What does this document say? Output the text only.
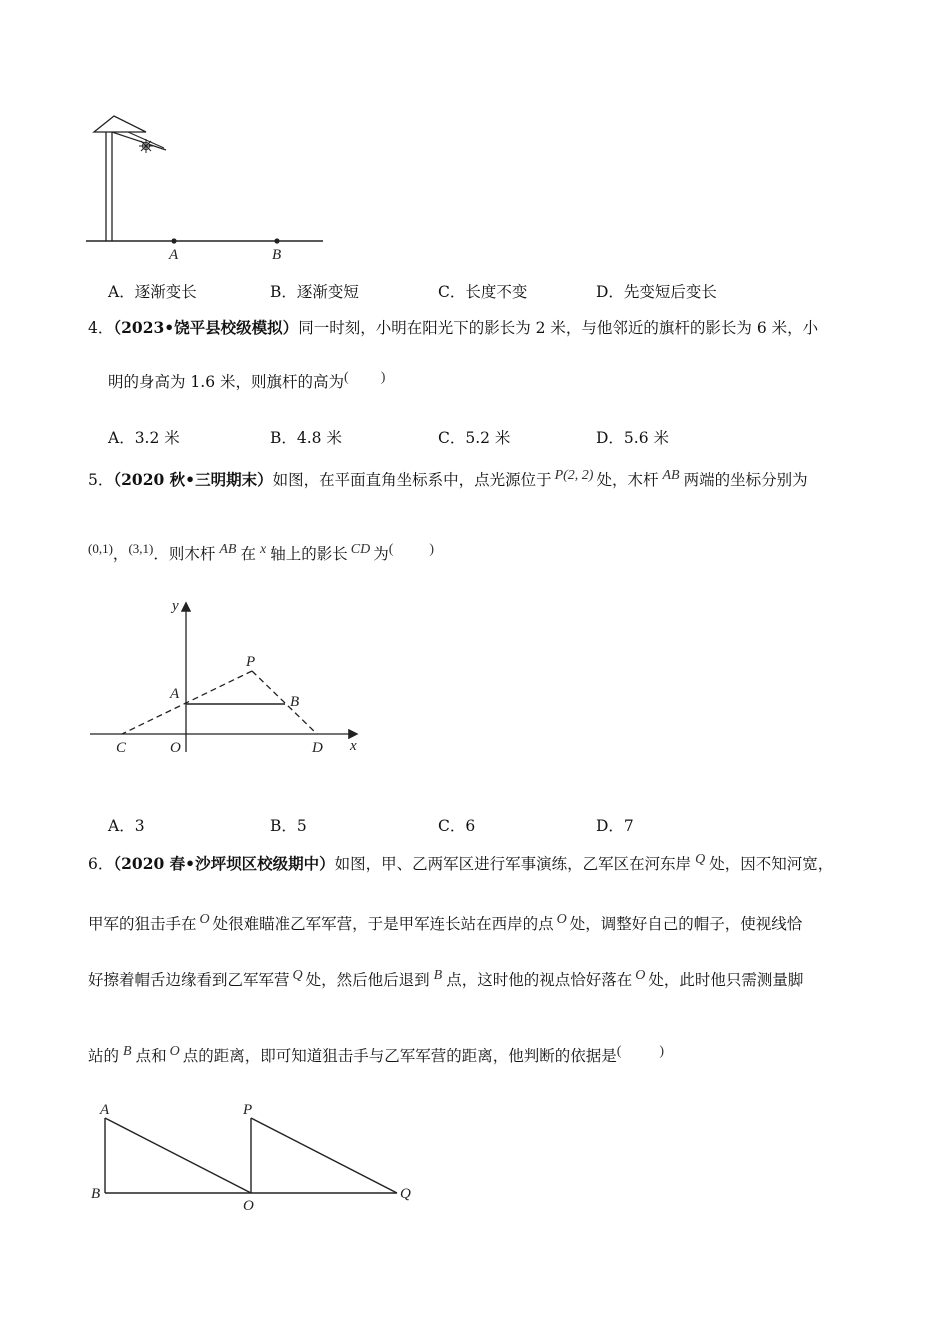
A	B
A．逐渐变长	B．逐渐变短	C．长度不变	D．先变短后变长
4．（2023•饶平县校级模拟）同一时刻，小明在阳光下的影长为 2 米，与他邻近的旗杆的影长为 6 米，小
明的身高为 1.6 米，则旗杆的高为( )
A．3.2 米	B．4.8 米	C．5.2 米	D．5.6 米
5．（2020 秋•三明期末）如图，在平面直角坐标系中，点光源位于 P(2, 2) 处，木杆 AB 两端的坐标分别为
$^{(0,1)}$，$^{(3,1)}$．则木杆 AB 在 x 轴上的影长 CD 为(	)
y
P
A	B
C	O	D x
A．3	B．5	C．6	D．7
6．（2020 春•沙坪坝区校级期中）如图，甲、乙两军区进行军事演练，乙军区在河东岸 Q 处，因不知河宽，
甲军的狙击手在 O 处很难瞄准乙军军营，于是甲军连长站在西岸的点 O 处，调整好自己的帽子，使视线恰
好擦着帽舌边缘看到乙军军营 Q 处，然后他后退到 B 点，这时他的视点恰好落在 O 处，此时他只需测量脚
站的 B 点和 O 点的距离，即可知道狙击手与乙军军营的距离，他判断的依据是(	)
A
B
P
O
Q
